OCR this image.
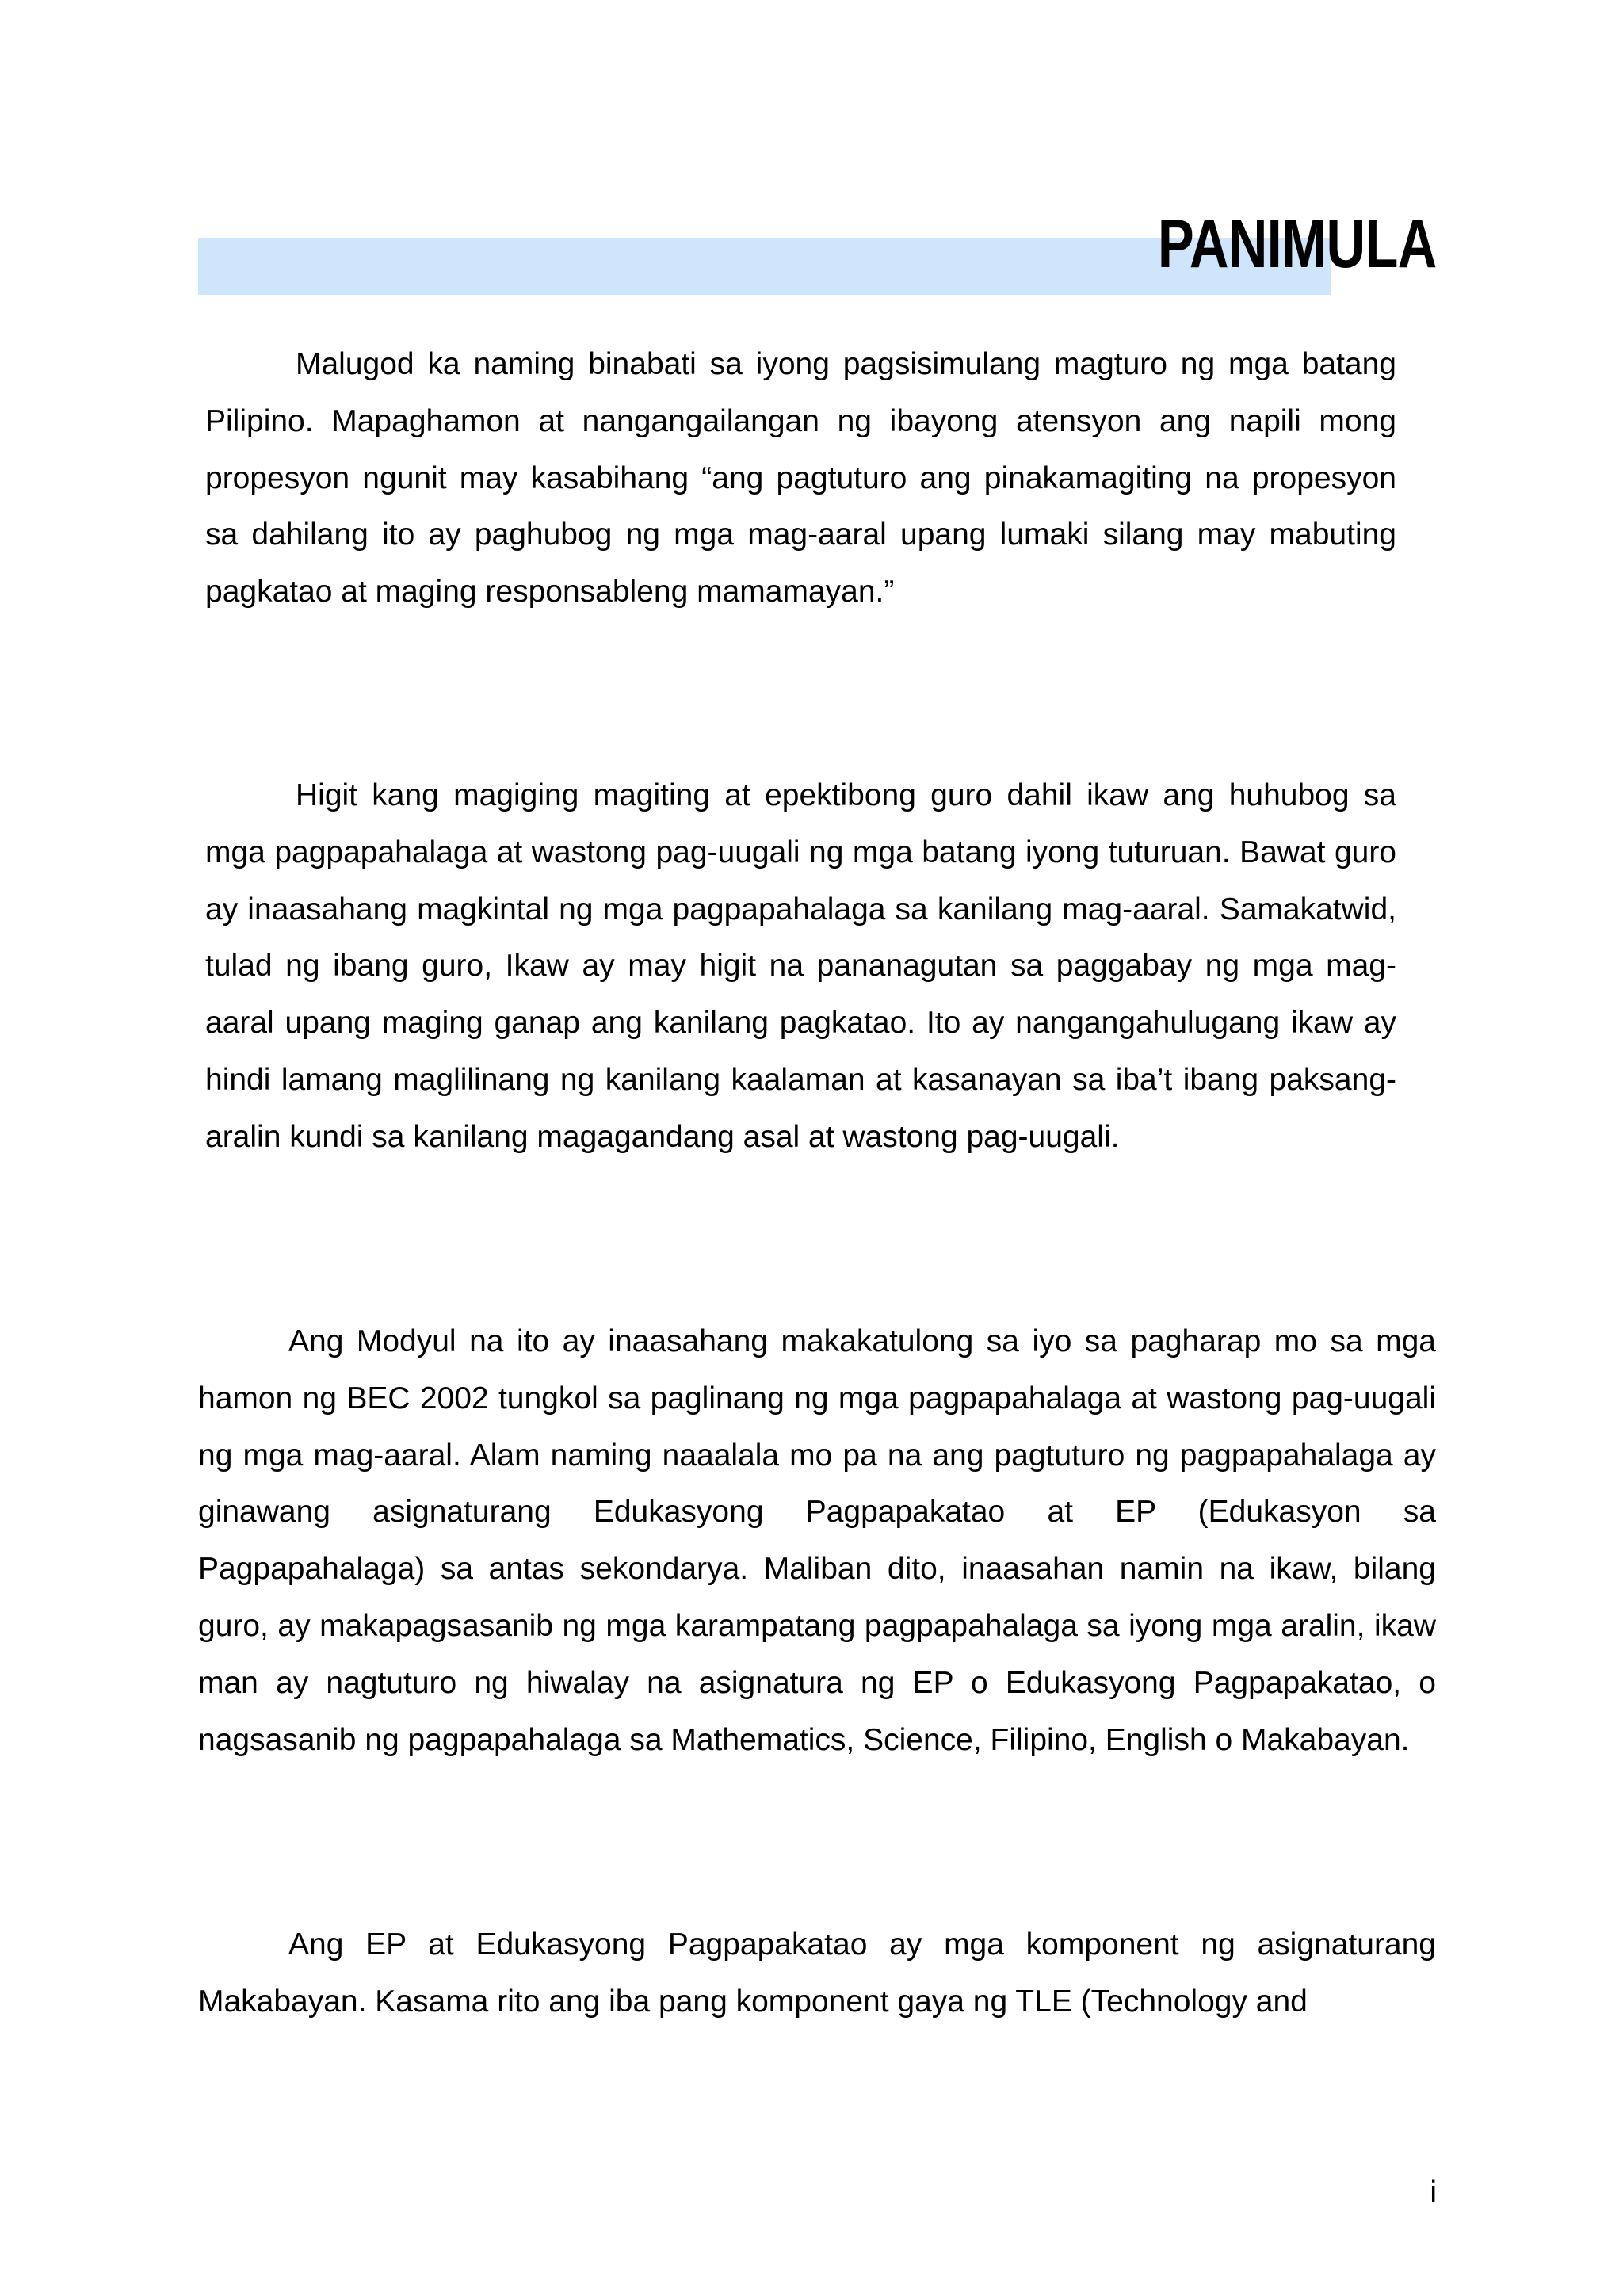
PANIMULA

Malugod ka naming binabati sa iyong pagsisimulang magturo ng mga batang Pilipino. Mapaghamon at nangangailangan ng ibayong atensyon ang napili mong propesyon ngunit may kasabihang “ang pagtuturo ang pinakamagiting na propesyon sa dahilang ito ay paghubog ng mga mag-aaral upang lumaki silang may mabuting pagkatao at maging responsableng mamamayan.”

Higit kang magiging magiting at epektibong guro dahil ikaw ang huhubog sa mga pagpapahalaga at wastong pag-uugali ng mga batang iyong tuturuan. Bawat guro ay inaasahang magkintal ng mga pagpapahalaga sa kanilang mag-aaral. Samakatwid, tulad ng ibang guro, Ikaw ay may higit na pananagutan sa paggabay ng mga mag-aaral upang maging ganap ang kanilang pagkatao. Ito ay nangangahulugang ikaw ay hindi lamang maglilinang ng kanilang kaalaman at kasanayan sa iba’t ibang paksang-aralin kundi sa kanilang magagandang asal at wastong pag-uugali.

Ang Modyul na ito ay inaasahang makakatulong sa iyo sa pagharap mo sa mga hamon ng BEC 2002 tungkol sa paglinang ng mga pagpapahalaga at wastong pag-uugali ng mga mag-aaral. Alam naming naaalala mo pa na ang pagtuturo ng pagpapahalaga ay ginawang asignaturang Edukasyong Pagpapakatao at EP (Edukasyon sa Pagpapahalaga) sa antas sekondarya. Maliban dito, inaasahan namin na ikaw, bilang guro, ay makapagsasanib ng mga karampatang pagpapahalaga sa iyong mga aralin, ikaw man ay nagtuturo ng hiwalay na asignatura ng EP o Edukasyong Pagpapakatao, o nagsasanib ng pagpapahalaga sa Mathematics, Science, Filipino, English o Makabayan.

Ang EP at Edukasyong Pagpapakatao ay mga komponent ng asignaturang Makabayan. Kasama rito ang iba pang komponent gaya ng TLE (Technology and

i
